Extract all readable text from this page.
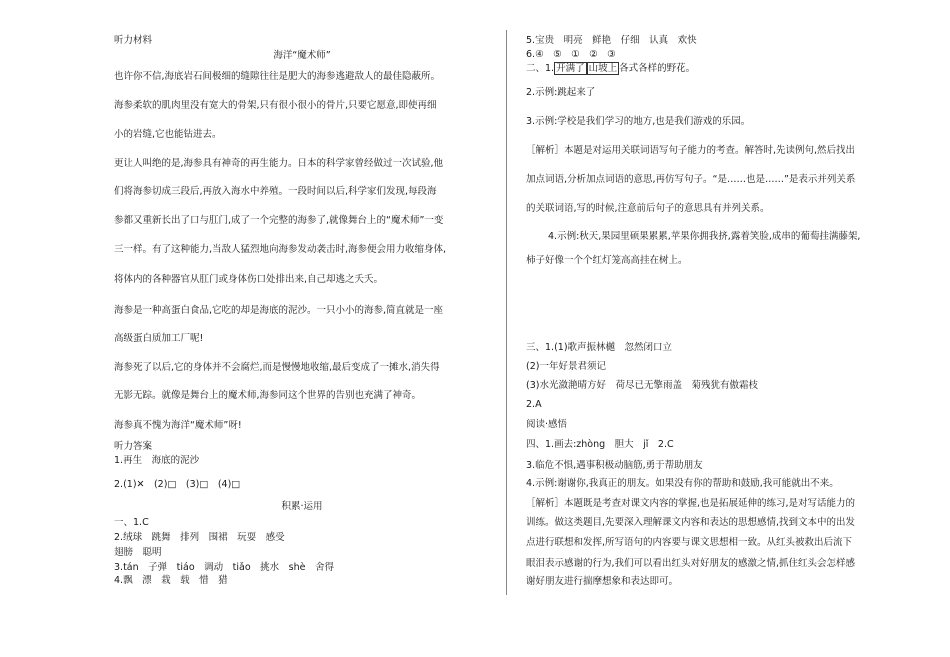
听力材料
海洋“魔术师”
也许你不信,海底岩石间极细的缝隙往往是肥大的海参逃避敌人的最佳隐蔽所。
海参柔软的肌肉里没有宽大的骨架,只有很小很小的骨片,只要它愿意,即使再细
小的岩缝,它也能钻进去。
更让人叫绝的是,海参具有神奇的再生能力。日本的科学家曾经做过一次试验,他
们将海参切成三段后,再放入海水中养殖。一段时间以后,科学家们发现,每段海
参都又重新长出了口与肛门,成了一个完整的海参了,就像舞台上的“魔术师”一变
三一样。有了这种能力,当敌人猛烈地向海参发动袭击时,海参便会用力收缩身体,
将体内的各种器官从肛门或身体伤口处排出来,自己却逃之夭夭。
海参是一种高蛋白食品,它吃的却是海底的泥沙。一只小小的海参,简直就是一座
高级蛋白质加工厂呢!
海参死了以后,它的身体并不会腐烂,而是慢慢地收缩,最后变成了一摊水,消失得
无影无踪。就像是舞台上的魔术师,海参同这个世界的告别也充满了神奇。
海参真不愧为海洋“魔术师”呀!
听力答案
1.再生　海底的泥沙
2.(1)✕　(2)□　(3)□　(4)□
积累·运用
一、1.C
2.绒球　跳舞　排列　围裙　玩耍　感受
翅膀　聪明
3.tán　子弹　tiáo　调动　tiǎo　挑水　shè　舍得
4.飘　漂　栽　载　惜　猎
5.宝贵　明亮　鲜艳　仔细　认真　欢快
6.④　⑤　①　②　③
二、1. 开满了 山坡上 各式各样的野花。
2.示例:跳起来了
3.示例:学校是我们学习的地方,也是我们游戏的乐园。
［解析］本题是对运用关联词语写句子能力的考查。解答时,先读例句,然后找出
加点词语,分析加点词语的意思,再仿写句子。“是……也是……”是表示并列关系
的关联词语,写的时候,注意前后句子的意思具有并列关系。
4.示例:秋天,果园里硕果累累,苹果你拥我挤,露着笑脸,成串的葡萄挂满藤架,
柿子好像一个个红灯笼高高挂在树上。
三、1.(1)歌声振林樾　忽然闭口立
(2)一年好景君须记
(3)水光潋滟晴方好　荷尽已无擎雨盖　菊残犹有傲霜枝
2.A
阅读·感悟
四、1.画去:zhòng　胆大　jǐ　2.C
3.临危不惧,遇事积极动脑筋,勇于帮助朋友
4.示例:谢谢你,我真正的朋友。如果没有你的帮助和鼓励,我可能就出不来。
［解析］本题既是考查对课文内容的掌握,也是拓展延伸的练习,是对写话能力的
训练。做这类题目,先要深入理解课文内容和表达的思想感情,找到文本中的出发
点进行联想和发挥,所写语句的内容要与课文思想相一致。从红头被救出后流下
眼泪表示感谢的行为,我们可以看出红头对好朋友的感激之情,抓住红头会怎样感
谢好朋友进行揣摩想象和表达即可。
